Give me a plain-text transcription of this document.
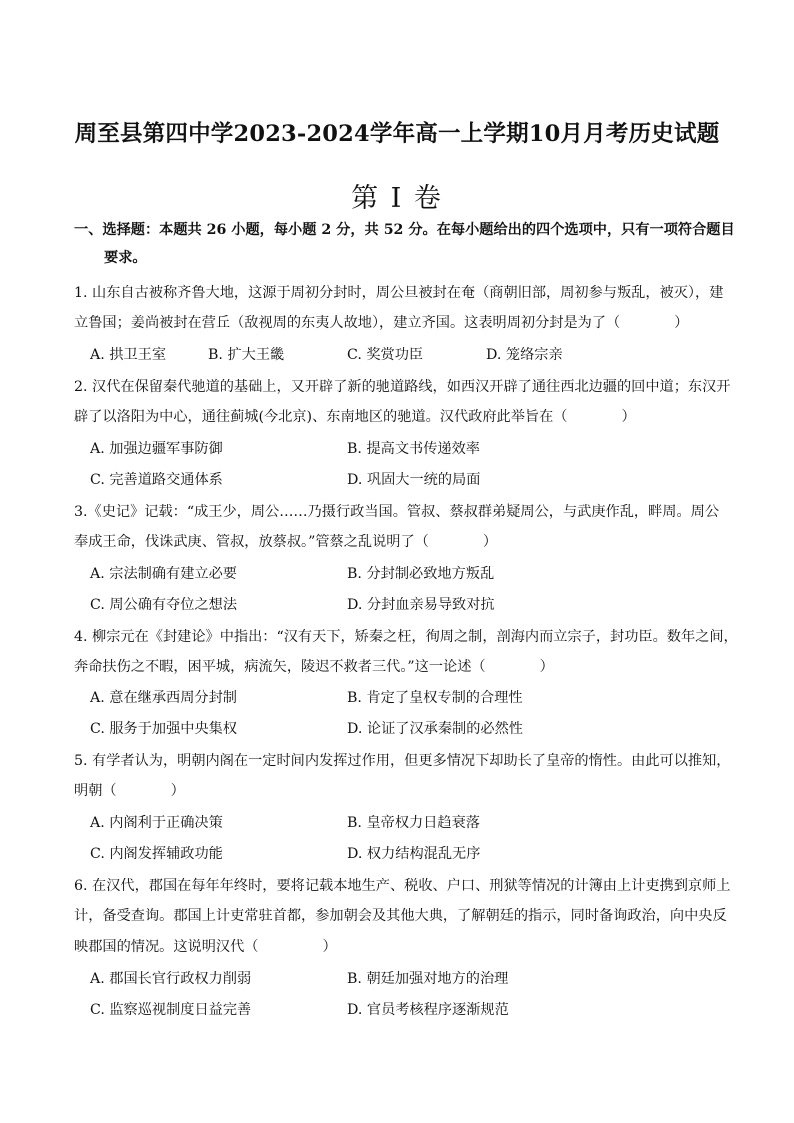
周至县第四中学2023-2024学年高一上学期10月月考历史试题
第 I 卷
一、选择题：本题共 26 小题，每小题 2 分，共 52 分。在每小题给出的四个选项中，只有一项符合题目
要求。
1. 山东自古被称齐鲁大地，这源于周初分封时，周公旦被封在奄（商朝旧部，周初参与叛乱，被灭），建
立鲁国；姜尚被封在营丘（敌视周的东夷人故地），建立齐国。这表明周初分封是为了（	）
A. 拱卫王室	B. 扩大王畿	C. 奖赏功臣	D. 笼络宗亲
2. 汉代在保留秦代驰道的基础上，又开辟了新的驰道路线，如西汉开辟了通往西北边疆的回中道；东汉开
辟了以洛阳为中心，通往蓟城(今北京)、东南地区的驰道。汉代政府此举旨在（	）
A. 加强边疆军事防御	B. 提高文书传递效率
C. 完善道路交通体系	D. 巩固大一统的局面
3.《史记》记载：“成王少，周公……乃摄行政当国。管叔、蔡叔群弟疑周公，与武庚作乱，畔周。周公
奉成王命，伐诛武庚、管叔，放蔡叔。”管蔡之乱说明了（	）
A. 宗法制确有建立必要	B. 分封制必致地方叛乱
C. 周公确有夺位之想法	D. 分封血亲易导致对抗
4. 柳宗元在《封建论》中指出：“汉有天下，矫秦之枉，徇周之制，剖海内而立宗子，封功臣。数年之间，
奔命扶伤之不暇，困平城，病流矢，陵迟不救者三代。”这一论述（	）
A. 意在继承西周分封制	B. 肯定了皇权专制的合理性
C. 服务于加强中央集权	D. 论证了汉承秦制的必然性
5. 有学者认为，明朝内阁在一定时间内发挥过作用，但更多情况下却助长了皇帝的惰性。由此可以推知，
明朝（	）
A. 内阁利于正确决策	B. 皇帝权力日趋衰落
C. 内阁发挥辅政功能	D. 权力结构混乱无序
6. 在汉代，郡国在每年年终时，要将记载本地生产、税收、户口、刑狱等情况的计簿由上计吏携到京师上
计，备受查询。郡国上计吏常驻首都，参加朝会及其他大典，了解朝廷的指示，同时备询政治，向中央反
映郡国的情况。这说明汉代（	）
A. 郡国长官行政权力削弱	B. 朝廷加强对地方的治理
C. 监察巡视制度日益完善	D. 官员考核程序逐渐规范
